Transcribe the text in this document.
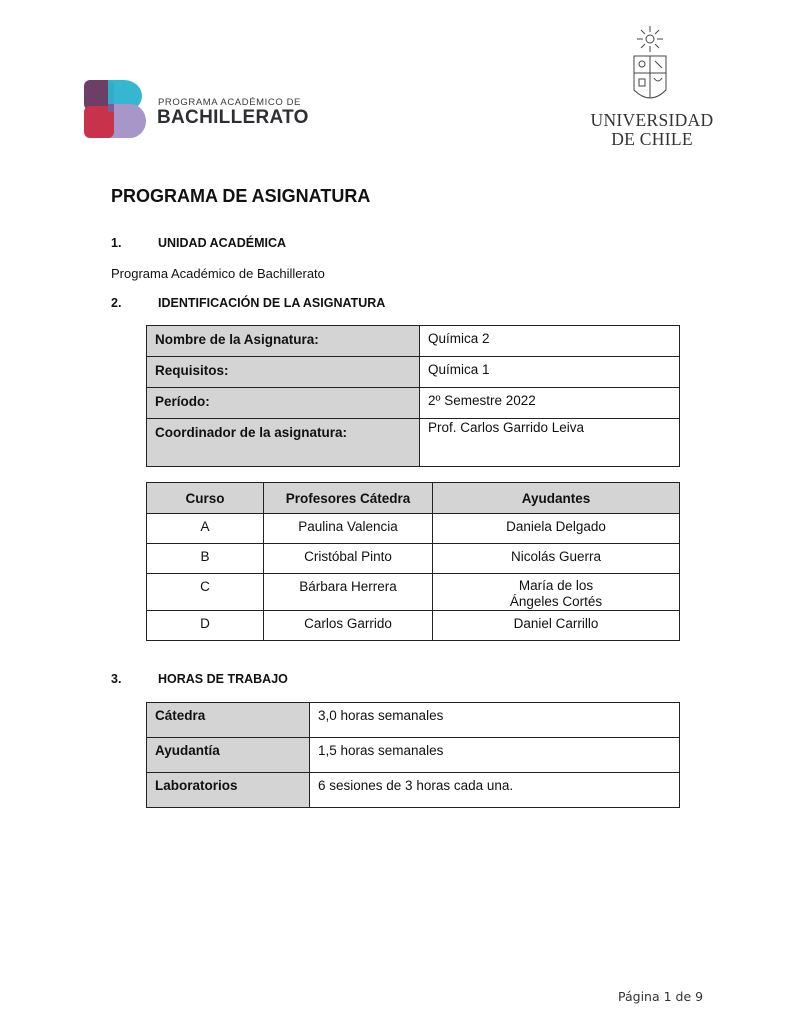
PROGRAMA ACADÉMICO DE
BACHILLERATO	UNIVERSIDAD
DE CHILE
PROGRAMA DE ASIGNATURA
1.	UNIDAD ACADÉMICA
Programa Académico de Bachillerato
2.	IDENTIFICACIÓN DE LA ASIGNATURA
Nombre de la Asignatura:	Química 2
Requisitos:	Química 1
Período:	2º Semestre 2022
Coordinador de la asignatura:	Prof. Carlos Garrido Leiva
Curso	Profesores Cátedra	Ayudantes
A	Paulina Valencia	Daniela Delgado
B	Cristóbal Pinto	Nicolás Guerra
C	Bárbara Herrera	María de los
Ángeles Cortés
D	Carlos Garrido	Daniel Carrillo
3.	HORAS DE TRABAJO
Cátedra	3,0 horas semanales
Ayudantía	1,5 horas semanales
Laboratorios	6 sesiones de 3 horas cada una.
Página 1 de 9
